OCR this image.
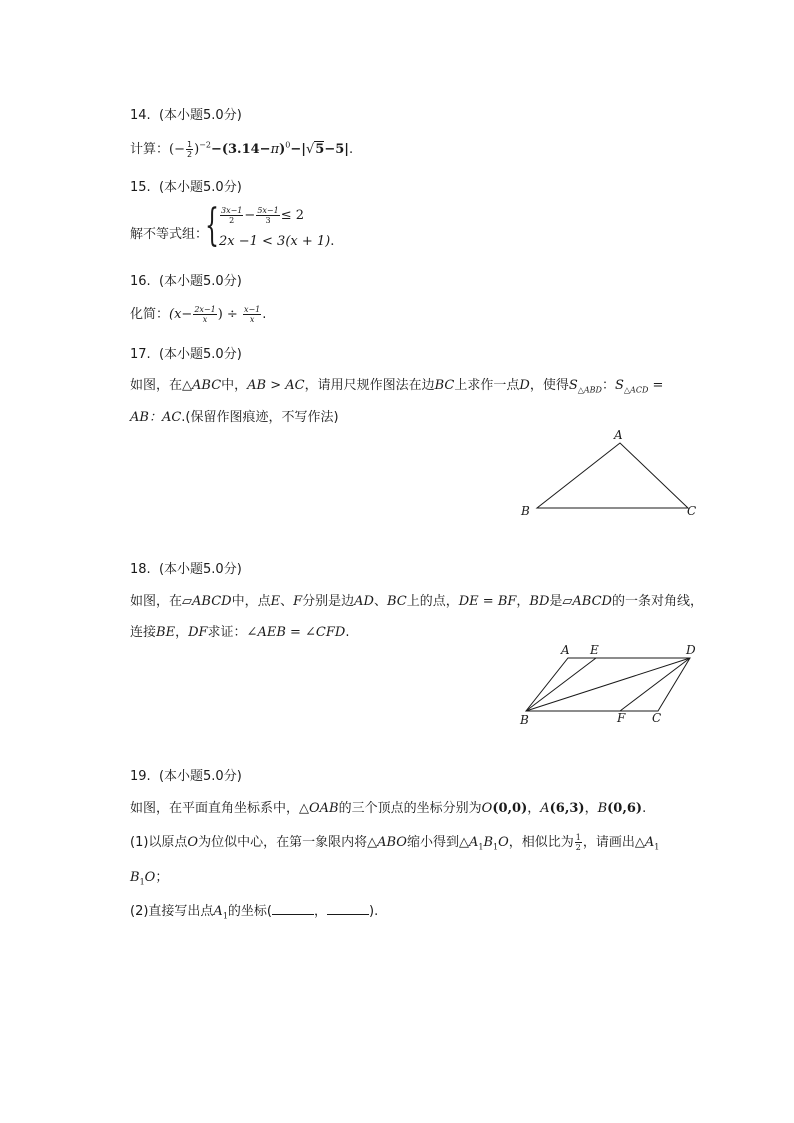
14. (本小题5.0分)
计算：(− $\frac{1}{2} )^{-2}-(3.14-\pi)^0-|√5-5|$.
15. (本小题5.0分)
解不等式组：
{ $\frac{3x-1}{2} - \frac{5x-1}{3} \le 2$
2x −1 < 3(x + 1).
16. (本小题5.0分)
化简：($x- \frac{2x-1}{x}$ ) ÷ $\frac{x-1}{x}$ .
17. (本小题5.0分)
如图，在△ABC中，AB > AC，请用尺规作图法在边BC上求作一点D，使得$S_{\triangle ABD}$：$S_{\triangle ACD}$ =
AB：AC.(保留作图痕迹，不写作法)
A
B	C
18. (本小题5.0分)
如图，在▱ABCD中，点E、F分别是边AD、BC上的点，DE = BF，BD是▱ABCD的一条对角线，
连接BE，DF求证：∠AEB = ∠CFD.
A E	D
B	F C
19. (本小题5.0分)
如图，在平面直角坐标系中，△OAB的三个顶点的坐标分别为O(0,0)，A(6,3)，B(0,6).
(1)以原点O为位似中心，在第一象限内将△ABO缩小得到$\triangle A_1B_1O$，相似比为 $\frac{1}{2}$ ，请画出$\triangle A_1$
$B_1O$；
(2)直接写出点$A_1$的坐标(	，	).
